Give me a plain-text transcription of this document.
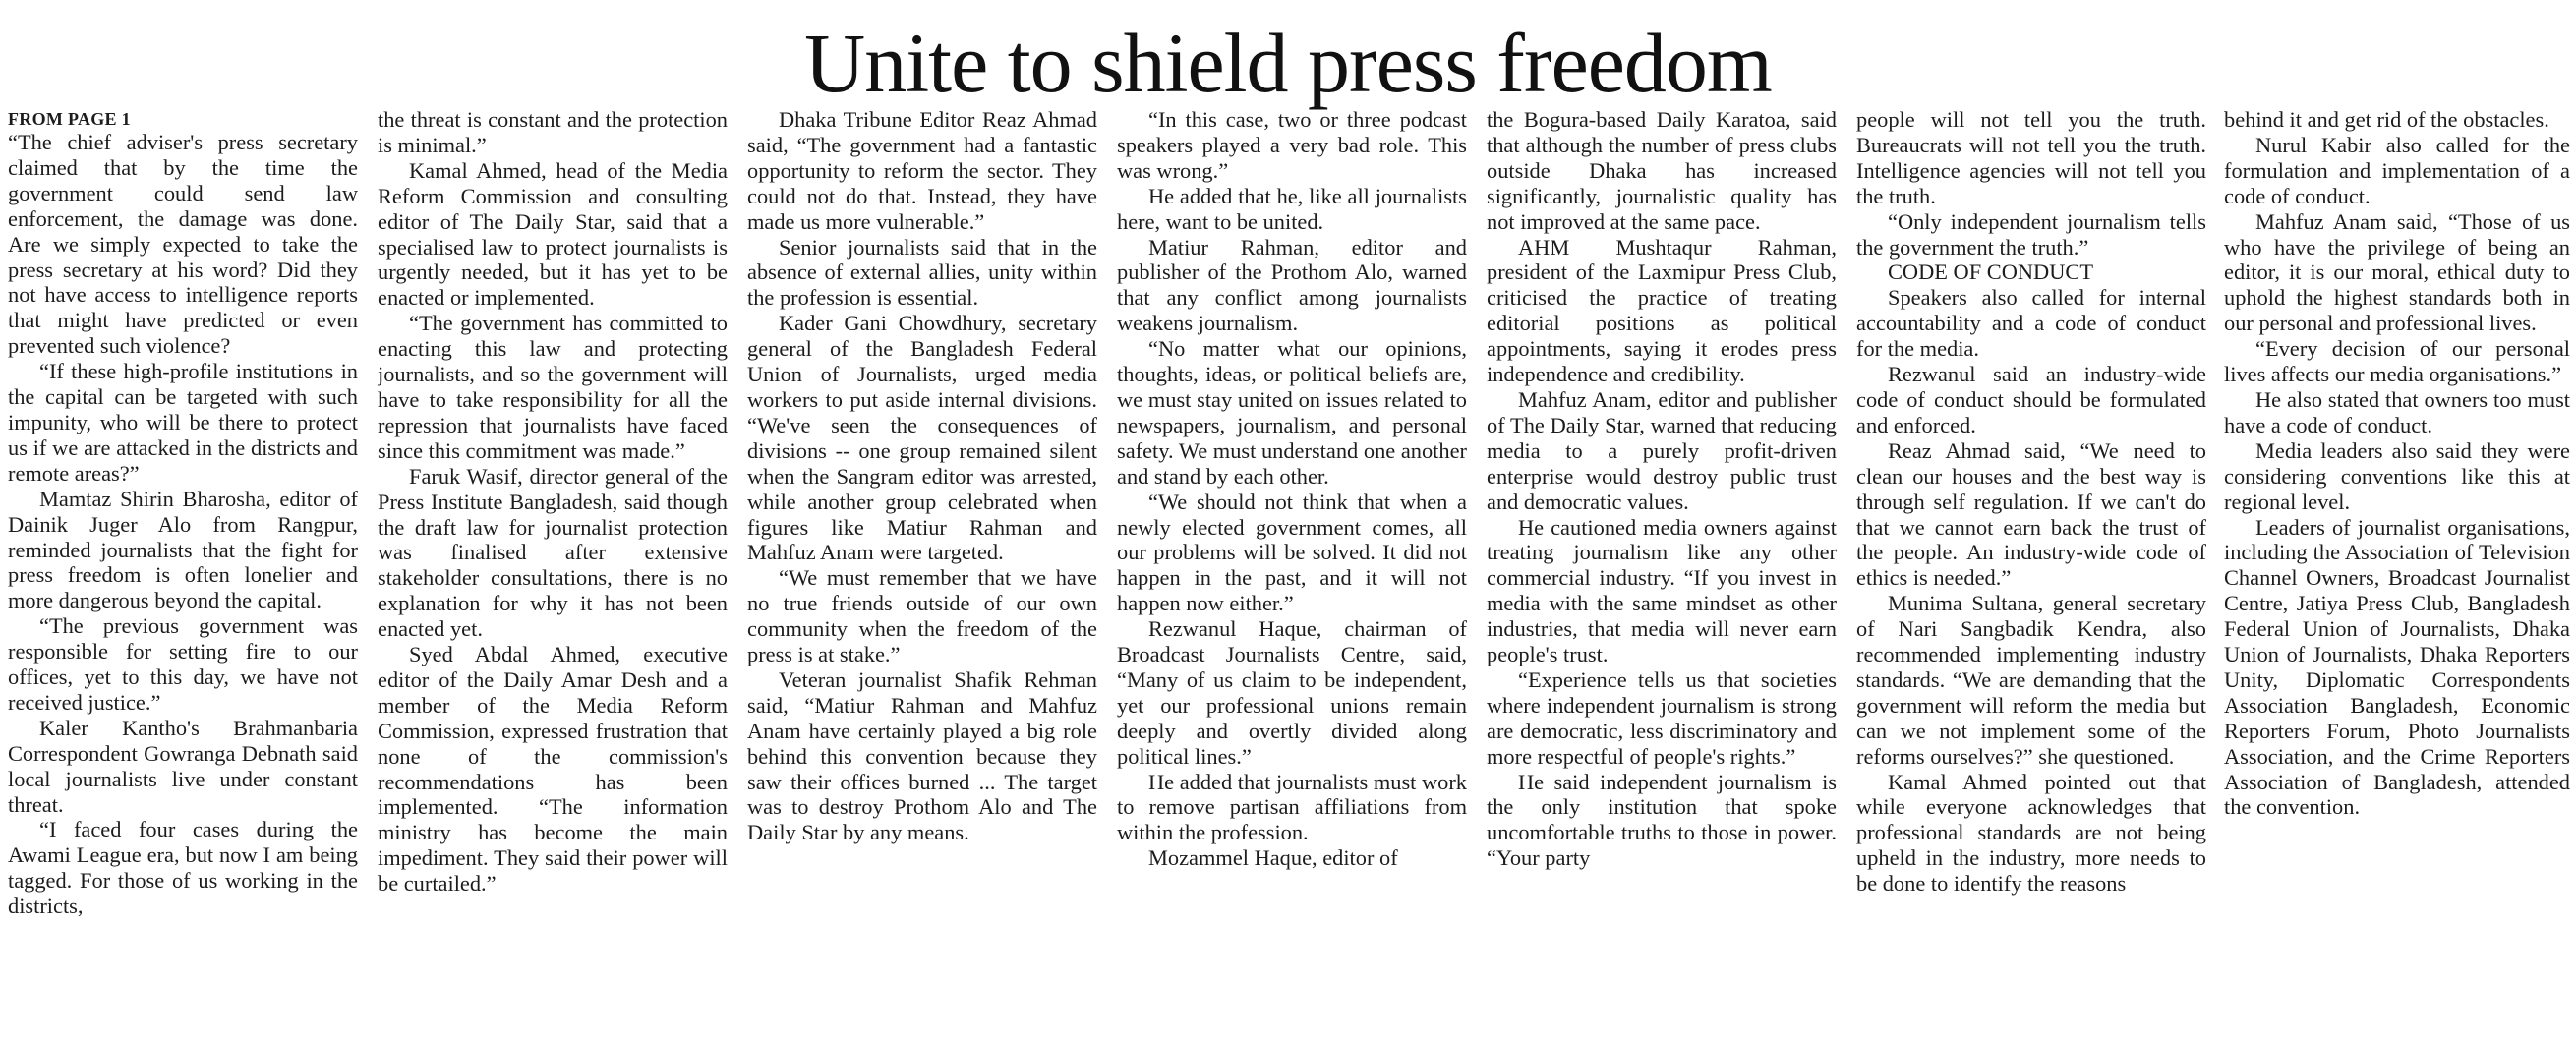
Unite to shield press freedom
FROM PAGE 1

“The chief adviser's press secretary claimed that by the time the government could send law enforcement, the damage was done. Are we simply expected to take the press secretary at his word? Did they not have access to intelligence reports that might have predicted or even prevented such violence?

“If these high-profile institutions in the capital can be targeted with such impunity, who will be there to protect us if we are attacked in the districts and remote areas?”

Mamtaz Shirin Bharosha, editor of Dainik Juger Alo from Rangpur, reminded journalists that the fight for press freedom is often lonelier and more dangerous beyond the capital.

“The previous government was responsible for setting fire to our offices, yet to this day, we have not received justice.”

Kaler Kantho's Brahmanbaria Correspondent Gowranga Debnath said local journalists live under constant threat.

“I faced four cases during the Awami League era, but now I am being tagged. For those of us working in the districts,

the threat is constant and the protection is minimal.”

Kamal Ahmed, head of the Media Reform Commission and consulting editor of The Daily Star, said that a specialised law to protect journalists is urgently needed, but it has yet to be enacted or implemented.

“The government has committed to enacting this law and protecting journalists, and so the government will have to take responsibility for all the repression that journalists have faced since this commitment was made.”

Faruk Wasif, director general of the Press Institute Bangladesh, said though the draft law for journalist protection was finalised after extensive stakeholder consultations, there is no explanation for why it has not been enacted yet.

Syed Abdal Ahmed, executive editor of the Daily Amar Desh and a member of the Media Reform Commission, expressed frustration that none of the commission's recommendations has been implemented. “The information ministry has become the main impediment. They said their power will be curtailed.”

Dhaka Tribune Editor Reaz Ahmad said, “The government had a fantastic opportunity to reform the sector. They could not do that. Instead, they have made us more vulnerable.”

Senior journalists said that in the absence of external allies, unity within the profession is essential.

Kader Gani Chowdhury, secretary general of the Bangladesh Federal Union of Journalists, urged media workers to put aside internal divisions. “We've seen the consequences of divisions -- one group remained silent when the Sangram editor was arrested, while another group celebrated when figures like Matiur Rahman and Mahfuz Anam were targeted.

“We must remember that we have no true friends outside of our own community when the freedom of the press is at stake.”

Veteran journalist Shafik Rehman said, “Matiur Rahman and Mahfuz Anam have certainly played a big role behind this convention because they saw their offices burned ... The target was to destroy Prothom Alo and The Daily Star by any means.

“In this case, two or three podcast speakers played a very bad role. This was wrong.”

He added that he, like all journalists here, want to be united.

Matiur Rahman, editor and publisher of the Prothom Alo, warned that any conflict among journalists weakens journalism.

“No matter what our opinions, thoughts, ideas, or political beliefs are, we must stay united on issues related to newspapers, journalism, and personal safety. We must understand one another and stand by each other.

“We should not think that when a newly elected government comes, all our problems will be solved. It did not happen in the past, and it will not happen now either.”

Rezwanul Haque, chairman of Broadcast Journalists Centre, said, “Many of us claim to be independent, yet our professional unions remain deeply and overtly divided along political lines.”

He added that journalists must work to remove partisan affiliations from within the profession.

Mozammel Haque, editor of

the Bogura-based Daily Karatoa, said that although the number of press clubs outside Dhaka has increased significantly, journalistic quality has not improved at the same pace.

AHM Mushtaqur Rahman, president of the Laxmipur Press Club, criticised the practice of treating editorial positions as political appointments, saying it erodes press independence and credibility.

Mahfuz Anam, editor and publisher of The Daily Star, warned that reducing media to a purely profit-driven enterprise would destroy public trust and democratic values.

He cautioned media owners against treating journalism like any other commercial industry. “If you invest in media with the same mindset as other industries, that media will never earn people's trust.

“Experience tells us that societies where independent journalism is strong are democratic, less discriminatory and more respectful of people's rights.”

He said independent journalism is the only institution that spoke uncomfortable truths to those in power. “Your party

people will not tell you the truth. Bureaucrats will not tell you the truth. Intelligence agencies will not tell you the truth.

“Only independent journalism tells the government the truth.”

CODE OF CONDUCT

Speakers also called for internal accountability and a code of conduct for the media.

Rezwanul said an industry-wide code of conduct should be formulated and enforced.

Reaz Ahmad said, “We need to clean our houses and the best way is through self regulation. If we can't do that we cannot earn back the trust of the people. An industry-wide code of ethics is needed.”

Munima Sultana, general secretary of Nari Sangbadik Kendra, also recommended implementing industry standards. “We are demanding that the government will reform the media but can we not implement some of the reforms ourselves?” she questioned.

Kamal Ahmed pointed out that while everyone acknowledges that professional standards are not being upheld in the industry, more needs to be done to identify the reasons

behind it and get rid of the obstacles.

Nurul Kabir also called for the formulation and implementation of a code of conduct.

Mahfuz Anam said, “Those of us who have the privilege of being an editor, it is our moral, ethical duty to uphold the highest standards both in our personal and professional lives.

“Every decision of our personal lives affects our media organisations.”

He also stated that owners too must have a code of conduct.

Media leaders also said they were considering conventions like this at regional level.

Leaders of journalist organisations, including the Association of Television Channel Owners, Broadcast Journalist Centre, Jatiya Press Club, Bangladesh Federal Union of Journalists, Dhaka Union of Journalists, Dhaka Reporters Unity, Diplomatic Correspondents Association Bangladesh, Economic Reporters Forum, Photo Journalists Association, and the Crime Reporters Association of Bangladesh, attended the convention.
